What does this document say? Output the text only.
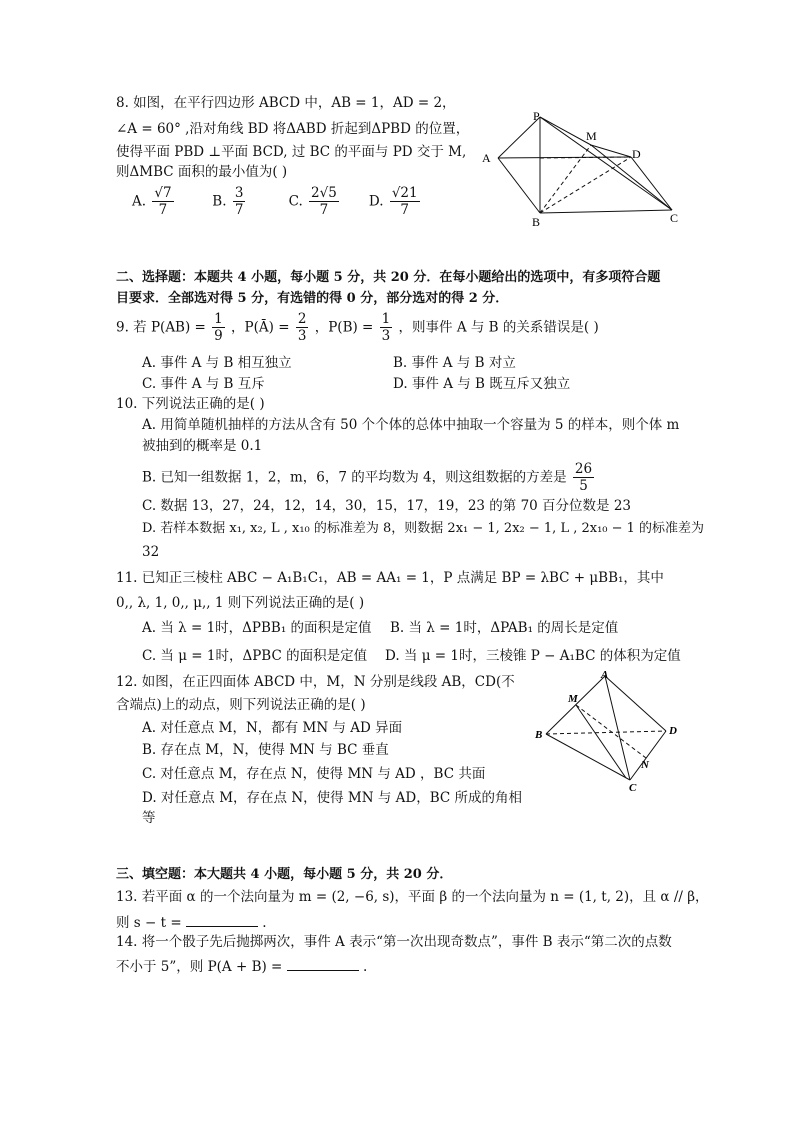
8. 如图，在平行四边形 ABCD 中，AB = 1，AD = 2，
∠A = 60° ,沿对角线 BD 将ΔABD 折起到ΔPBD 的位置，
使得平面 PBD ⊥平面 BCD, 过 BC 的平面与 PD 交于 M,
则ΔMBC 面积的最小值为( )
A. $\frac{√7}{7}$	B. $\frac{3}{7}$	C. $\frac{2√5}{7} D$. $\frac{√21}{7}$
P
M
A	D
B	C
二、选择题：本题共 4 小题，每小题 5 分，共 20 分．在每小题给出的选项中，有多项符合题
目要求．全部选对得 5 分，有选错的得 0 分，部分选对的得 2 分．
9. 若 $P(AB) = \frac{1}{9}$ ，P(Ā) = $\frac{2}{3}$ ，$P(B) = \frac{1}{3}$ ，则事件 A 与 B 的关系错误是( )
A. 事件 A 与 B 相互独立	B. 事件 A 与 B 对立
C. 事件 A 与 B 互斥	D. 事件 A 与 B 既互斥又独立
10. 下列说法正确的是( )
A. 用简单随机抽样的方法从含有 50 个个体的总体中抽取一个容量为 5 的样本，则个体 m
被抽到的概率是 0.1
B. 已知一组数据 1，2，m，6，7 的平均数为 4，则这组数据的方差是 $\frac{26}{5}$
C. 数据 13，27，24，12，14，30，15，17，19，23 的第 70 百分位数是 23
D. 若样本数据 x₁, x₂, L , x₁₀ 的标准差为 8，则数据 2x₁ − 1, 2x₂ − 1, L , 2x₁₀ − 1 的标准差为
32
11. 已知正三棱柱 ABC − A₁B₁C₁，AB = AA₁ = 1，P 点满足 BP = λBC + μBB₁，其中
0,, λ, 1, 0,, μ,, 1 则下列说法正确的是( )
A. 当 λ = 1时，ΔPBB₁ 的面积是定值 B. 当 λ = 1时，ΔPAB₁ 的周长是定值
C. 当 μ = 1时，ΔPBC 的面积是定值 D. 当 μ = 1时，三棱锥 P − A₁BC 的体积为定值
12. 如图，在正四面体 ABCD 中，M，N 分别是线段 AB，CD(不
含端点)上的动点，则下列说法正确的是( )
A. 对任意点 M，N，都有 MN 与 AD 异面
B. 存在点 M，N，使得 MN 与 BC 垂直
C. 对任意点 M，存在点 N，使得 MN 与 AD ，BC 共面
D. 对任意点 M，存在点 N，使得 MN 与 AD，BC 所成的角相
等
A
M
B	D
N
C
三、填空题：本大题共 4 小题，每小题 5 分，共 20 分．
13. 若平面 α 的一个法向量为 m = (2, −6, s)，平面 β 的一个法向量为 n = (1, t, 2)，且 α // β，
则 s − t =	.
14. 将一个骰子先后抛掷两次，事件 A 表示“第一次出现奇数点”，事件 B 表示“第二次的点数
不小于 5”，则 P(A + B) =	.
